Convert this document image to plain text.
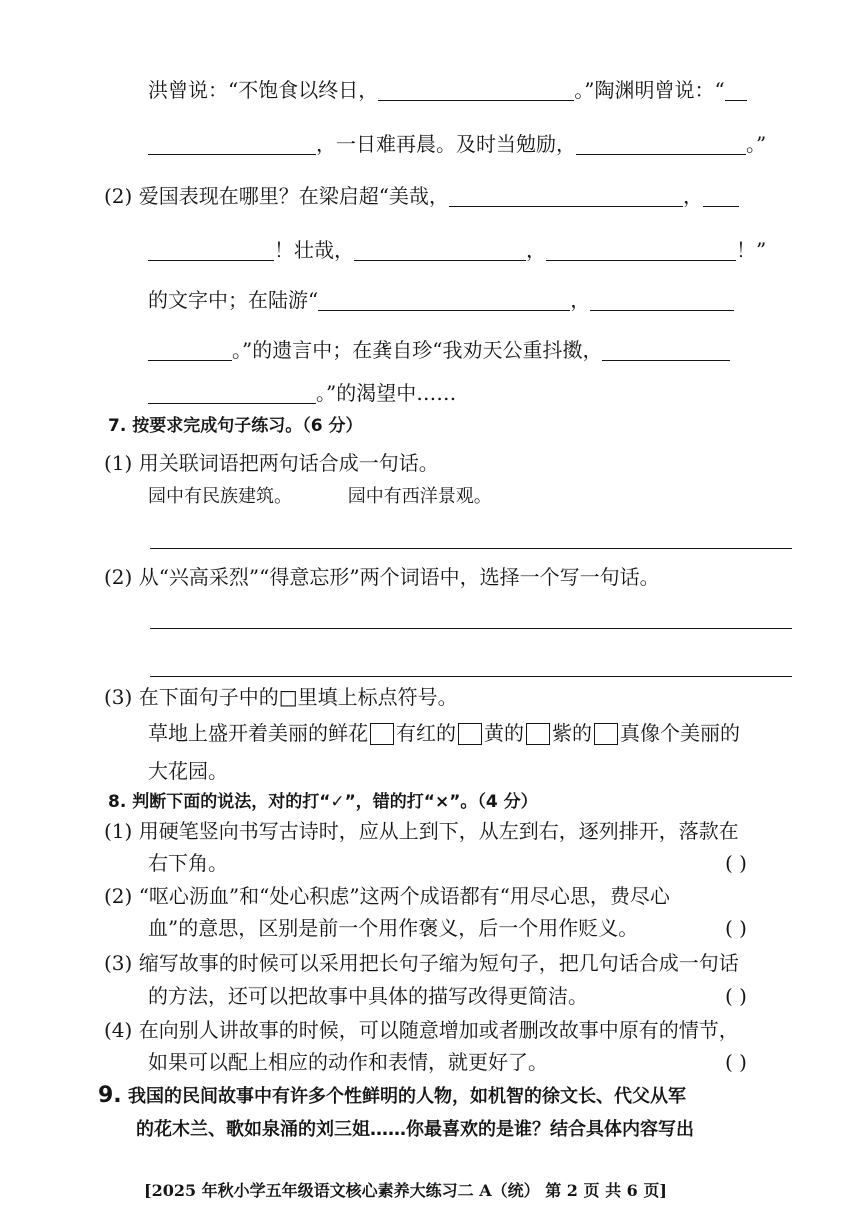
洪曾说：“不饱食以终日，	。”陶渊明曾说：“
，一日难再晨。及时当勉励，	。”
(2) 爱国表现在哪里？在梁启超“美哉，	，
！壮哉，	，	！”
的文字中；在陆游“	，
。”的遗言中；在龚自珍“我劝天公重抖擞，
。”的渴望中……
7. 按要求完成句子练习。（6 分）
(1) 用关联词语把两句话合成一句话。
园中有民族建筑。	园中有西洋景观。
(2) 从“兴高采烈”“得意忘形”两个词语中，选择一个写一句话。
(3) 在下面句子中的□里填上标点符号。
草地上盛开着美丽的鲜花 有红的 黄的 紫的 真像个美丽的
大花园。
8. 判断下面的说法，对的打“✓”，错的打“×”。（4 分）
(1) 用硬笔竖向书写古诗时，应从上到下，从左到右，逐列排开，落款在
右下角。	( )
(2) “呕心沥血”和“处心积虑”这两个成语都有“用尽心思，费尽心
血”的意思，区别是前一个用作褒义，后一个用作贬义。	( )
(3) 缩写故事的时候可以采用把长句子缩为短句子，把几句话合成一句话
的方法，还可以把故事中具体的描写改得更简洁。	( )
(4) 在向别人讲故事的时候，可以随意增加或者删改故事中原有的情节，
如果可以配上相应的动作和表情，就更好了。	( )
9. 我国的民间故事中有许多个性鲜明的人物，如机智的徐文长、代父从军
的花木兰、歌如泉涌的刘三姐……你最喜欢的是谁？结合具体内容写出
[2025 年秋小学五年级语文核心素养大练习二 A（统） 第 2 页 共 6 页]
